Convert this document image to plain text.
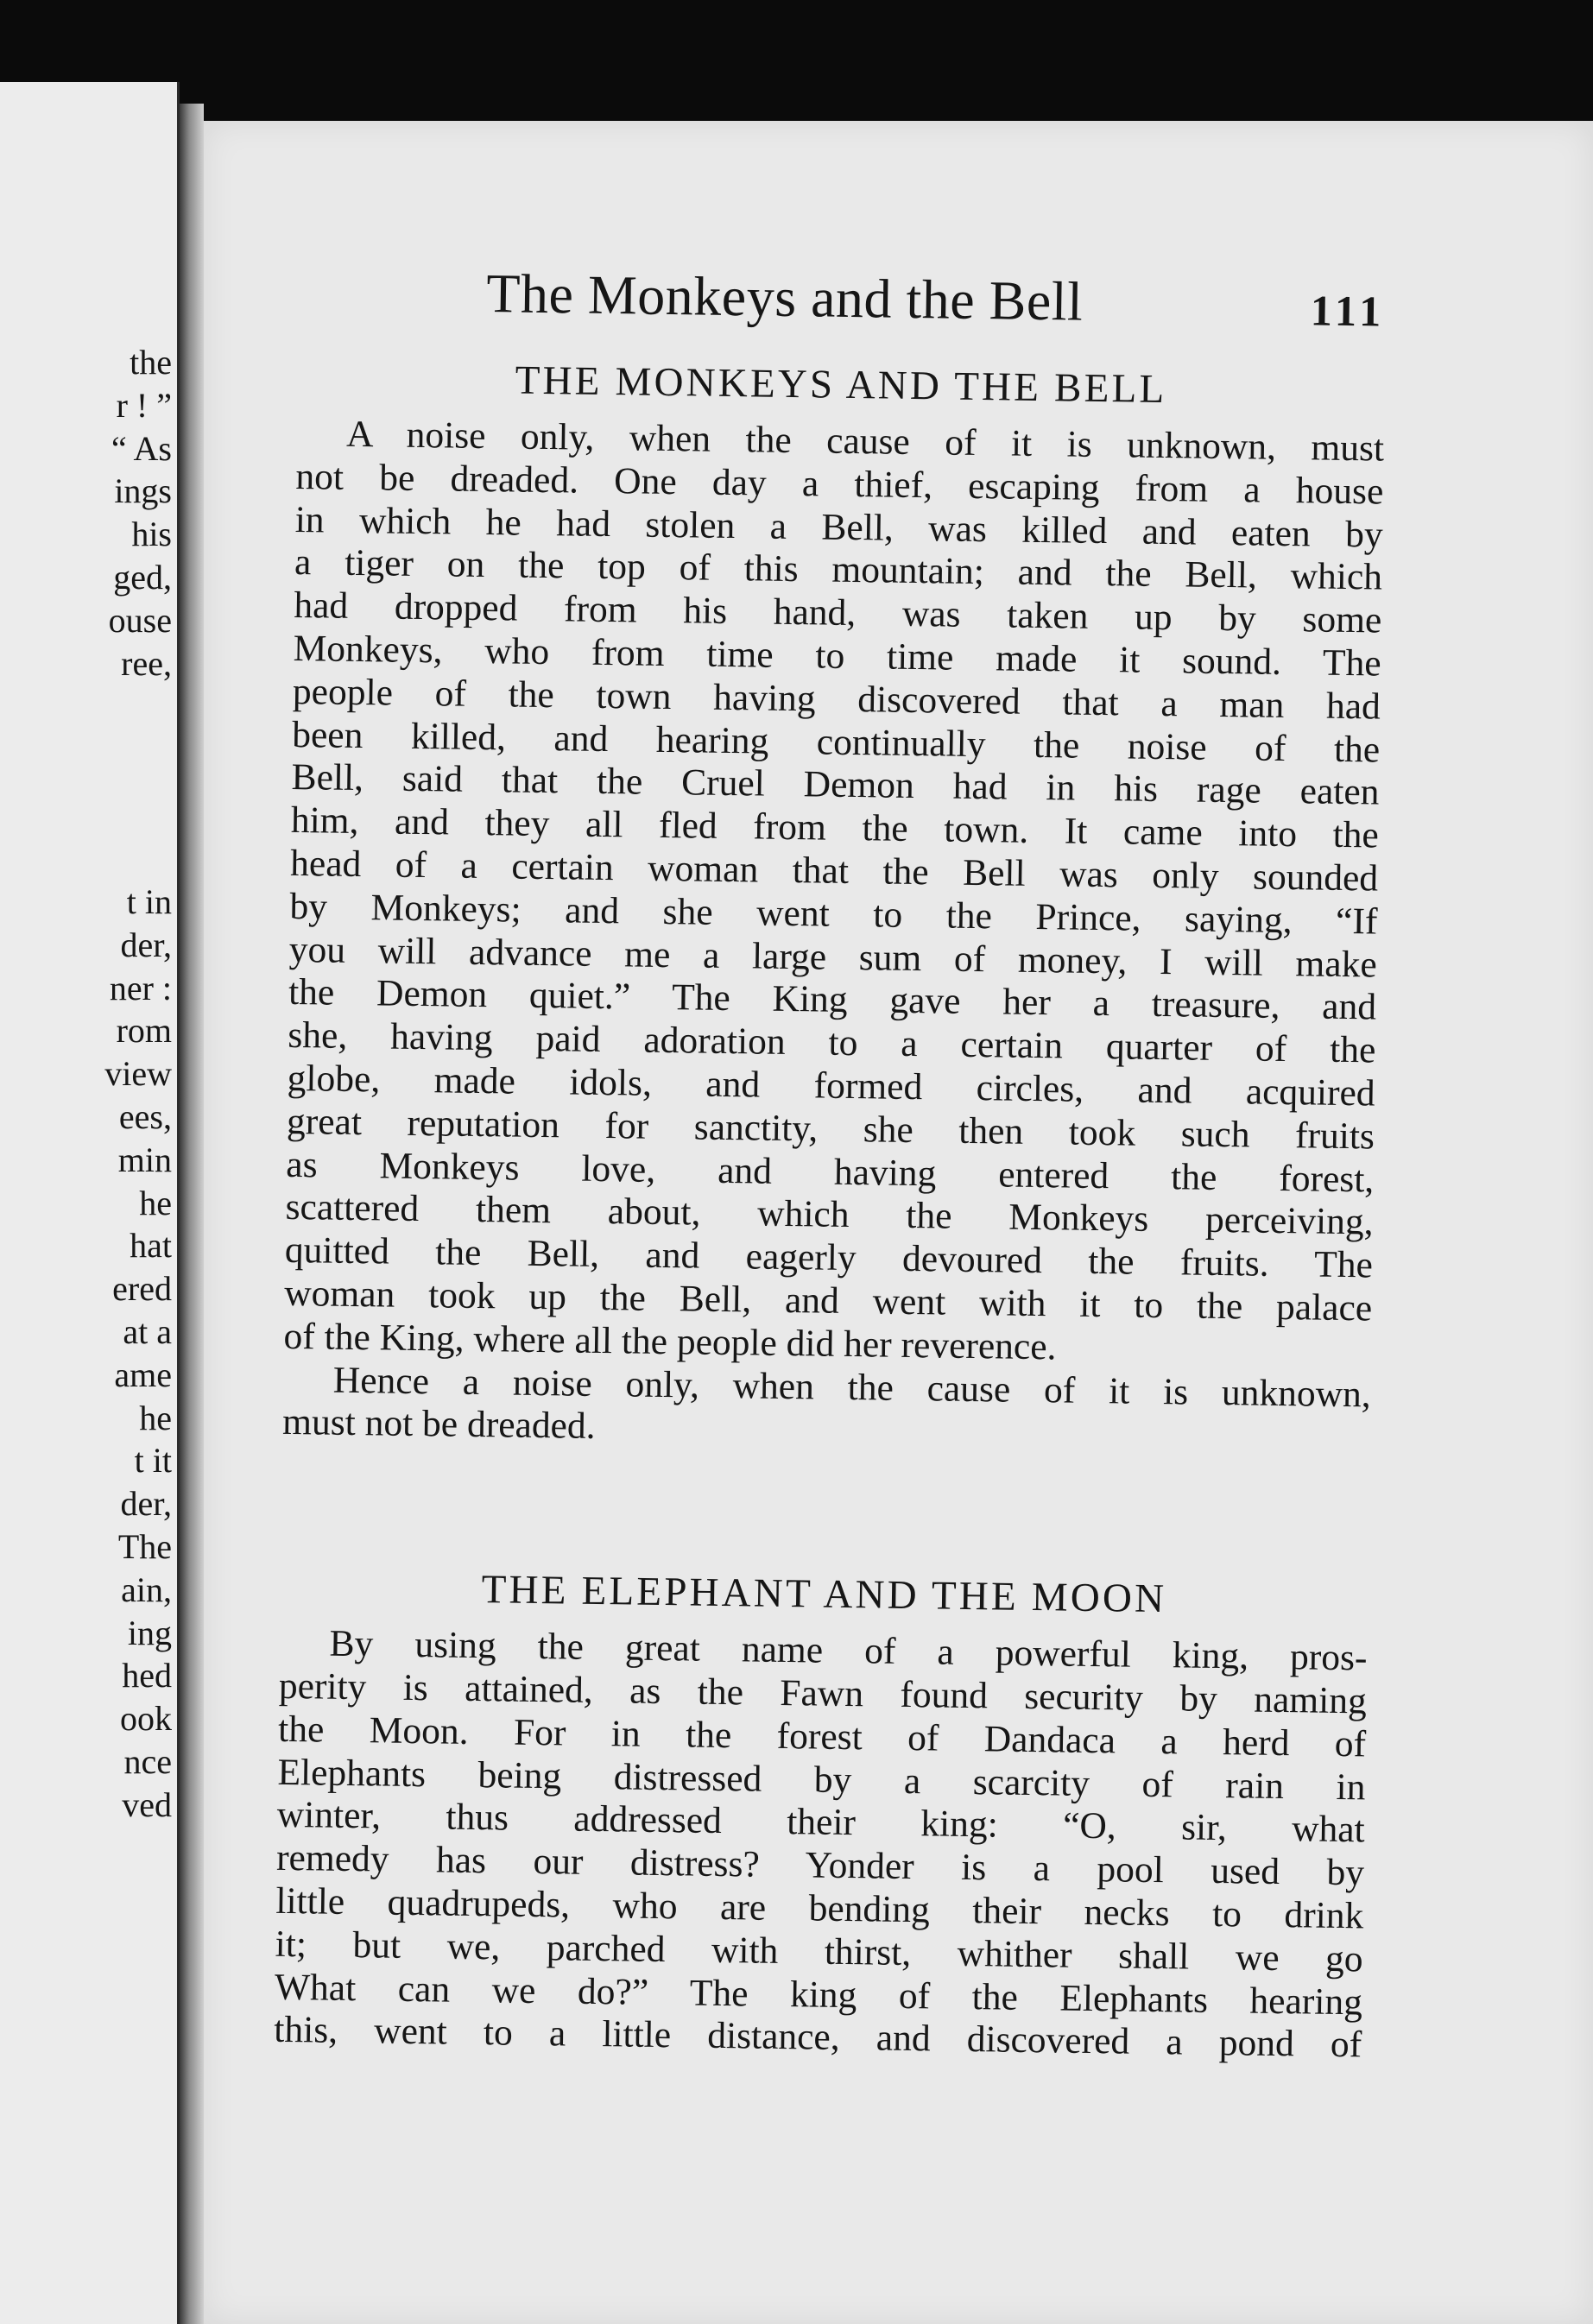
the
r ! ”
“ As
ings
his
ged,
ouse
ree,
t in
der,
ner :
rom
view
ees,
min
he
hat
ered
at a
ame
he
t it
der,
The
ain,
ing
hed
ook
nce
ved
The Monkeys and the Bell	111
THE MONKEYS AND THE BELL

A noise only, when the cause of it is unknown, must
not be dreaded. One day a thief, escaping from a house
in which he had stolen a Bell, was killed and eaten by
a tiger on the top of this mountain; and the Bell, which
had dropped from his hand, was taken up by some
Monkeys, who from time to time made it sound. The
people of the town having discovered that a man had
been killed, and hearing continually the noise of the
Bell, said that the Cruel Demon had in his rage eaten
him, and they all fled from the town. It came into the
head of a certain woman that the Bell was only sounded
by Monkeys; and she went to the Prince, saying, “If
you will advance me a large sum of money, I will make
the Demon quiet.” The King gave her a treasure, and
she, having paid adoration to a certain quarter of the
globe, made idols, and formed circles, and acquired
great reputation for sanctity, she then took such fruits
as Monkeys love, and having entered the forest,
scattered them about, which the Monkeys perceiving,
quitted the Bell, and eagerly devoured the fruits. The
woman took up the Bell, and went with it to the palace
of the King, where all the people did her reverence.

Hence a noise only, when the cause of it is unknown,
must not be dreaded.

THE ELEPHANT AND THE MOON

By using the great name of a powerful king, pros-
perity is attained, as the Fawn found security by naming
the Moon. For in the forest of Dandaca a herd of
Elephants being distressed by a scarcity of rain in
winter, thus addressed their king: “O, sir, what
remedy has our distress? Yonder is a pool used by
little quadrupeds, who are bending their necks to drink
it; but we, parched with thirst, whither shall we go
What can we do?” The king of the Elephants hearing
this, went to a little distance, and discovered a pond of
